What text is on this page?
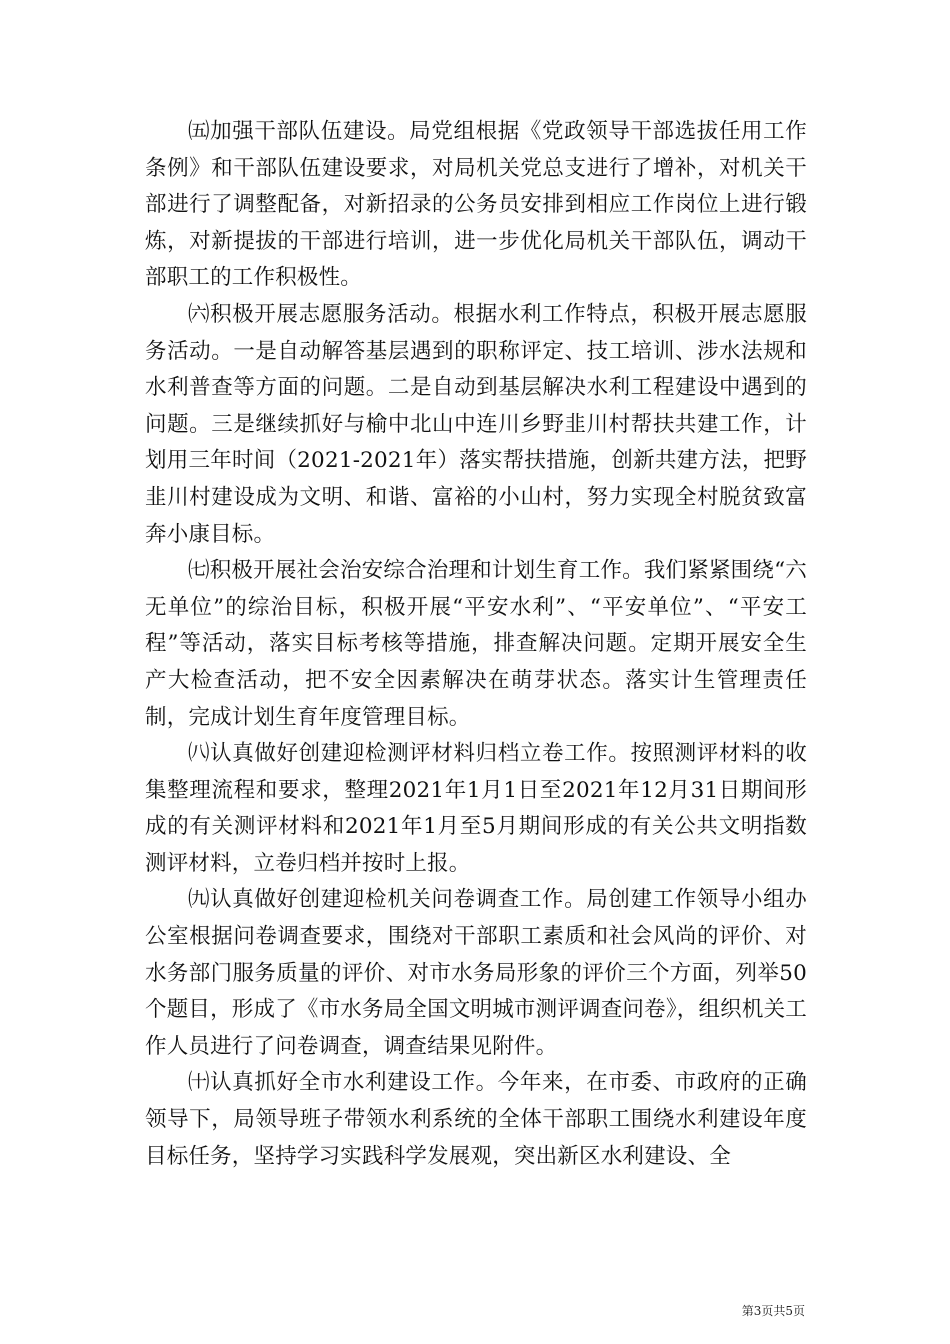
㈤加强干部队伍建设。局党组根据《党政领导干部选拔任用工作条例》和干部队伍建设要求，对局机关党总支进行了增补，对机关干部进行了调整配备，对新招录的公务员安排到相应工作岗位上进行锻炼，对新提拔的干部进行培训，进一步优化局机关干部队伍，调动干部职工的工作积极性。

㈥积极开展志愿服务活动。根据水利工作特点，积极开展志愿服务活动。一是自动解答基层遇到的职称评定、技工培训、涉水法规和水利普查等方面的问题。二是自动到基层解决水利工程建设中遇到的问题。三是继续抓好与榆中北山中连川乡野韭川村帮扶共建工作，计划用三年时间（2021-2021年）落实帮扶措施，创新共建方法，把野韭川村建设成为文明、和谐、富裕的小山村，努力实现全村脱贫致富奔小康目标。

㈦积极开展社会治安综合治理和计划生育工作。我们紧紧围绕“六无单位”的综治目标，积极开展“平安水利”、“平安单位”、“平安工程”等活动，落实目标考核等措施，排查解决问题。定期开展安全生产大检查活动，把不安全因素解决在萌芽状态。落实计生管理责任制，完成计划生育年度管理目标。

㈧认真做好创建迎检测评材料归档立卷工作。按照测评材料的收集整理流程和要求，整理2021年1月1日至2021年12月31日期间形成的有关测评材料和2021年1月至5月期间形成的有关公共文明指数测评材料，立卷归档并按时上报。

㈨认真做好创建迎检机关问卷调查工作。局创建工作领导小组办公室根据问卷调查要求，围绕对干部职工素质和社会风尚的评价、对水务部门服务质量的评价、对市水务局形象的评价三个方面，列举50个题目，形成了《市水务局全国文明城市测评调查问卷》，组织机关工作人员进行了问卷调查，调查结果见附件。

㈩认真抓好全市水利建设工作。今年来，在市委、市政府的正确领导下，局领导班子带领水利系统的全体干部职工围绕水利建设年度目标任务，坚持学习实践科学发展观，突出新区水利建设、全

第3页共5页
